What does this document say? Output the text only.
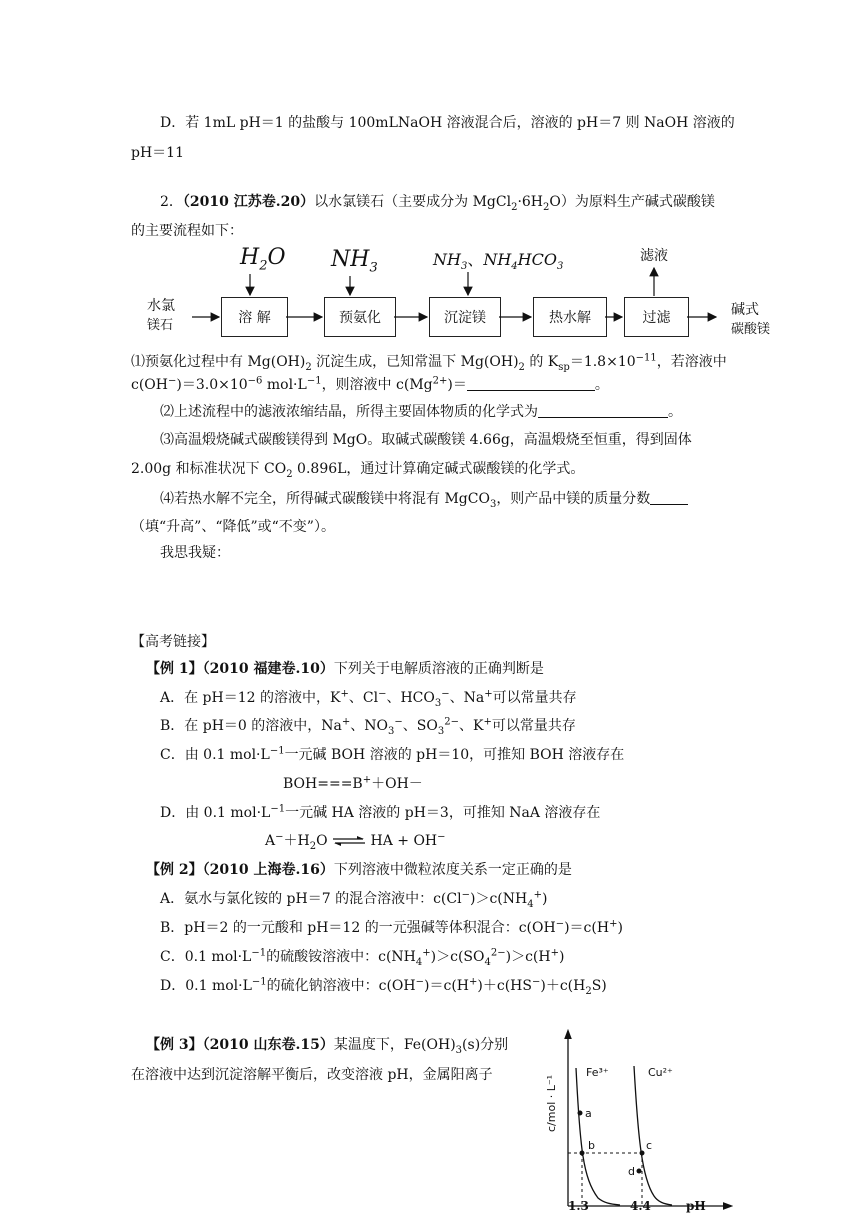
D．若 1mL pH＝1 的盐酸与 100mLNaOH 溶液混合后，溶液的 pH＝7 则 NaOH 溶液的
pH＝11
2．（2010 江苏卷.20）以水氯镁石（主要成分为 $MgCl_2\cdot 6H_2O$）为原料生产碱式碳酸镁
的主要流程如下：
$H_2O$ $NH_3$	$NH_3$、$NH_4HCO_3$
滤液
水氯
镁石
碱式
碳酸镁
溶 解	预氨化	沉淀镁	热水解	过滤
⑴预氨化过程中有 $Mg(OH)_2$ 沉淀生成，已知常温下 $Mg(OH)_2$ 的 $K_{sp}=1.8\times 10^{-11}$，若溶液中
$c(OH^-)=3.0\times 10^{-6}$ $mol\cdot L^{-1}$，则溶液中 $c(Mg^{2+})=$	。
⑵上述流程中的滤液浓缩结晶，所得主要固体物质的化学式为	。
⑶高温煅烧碱式碳酸镁得到 MgO。取碱式碳酸镁 4.66g，高温煅烧至恒重，得到固体
2.00g 和标准状况下 $CO_2$ 0.896L，通过计算确定碱式碳酸镁的化学式。
⑷若热水解不完全，所得碱式碳酸镁中将混有 MgCO$_3$，则产品中镁的质量分数
（填“升高”、“降低”或“不变”）。
我思我疑：
【高考链接】
【例 1】（2010 福建卷.10）下列关于电解质溶液的正确判断是
A．在 pH＝12 的溶液中，K+、Cl−、$HCO_3^-$、Na+可以常量共存
B．在 pH＝0 的溶液中，Na+、$NO_3^-$、$SO_3^{2-}$、K+可以常量共存
C．由 0.1 $mol\cdot L^{-1}$一元碱 BOH 溶液的 pH＝10，可推知 BOH 溶液存在
BOH===B+＋OH－
D．由 0.1 $mol\cdot L^{-1}$一元碱 HA 溶液的 pH＝3，可推知 NaA 溶液存在
$A^-+H_2O$ ⇌ HA + OH−
【例 2】（2010 上海卷.16）下列溶液中微粒浓度关系一定正确的是
A．氨水与氯化铵的 pH＝7 的混合溶液中：$c(Cl^-)>c(NH_4^+)$
B．pH＝2 的一元酸和 pH＝12 的一元强碱等体积混合：c(OH−)＝c(H+)
C．0.1 $mol\cdot L^{-1}$的硫酸铵溶液中：$c(NH_4^+)>c(SO_4^{2-})>c(H^+)$
D．0.1 $mol\cdot L^{-1}$的硫化钠溶液中：$c(OH^-)=c(H^+)+c(HS^-)+c(H_2S)$
【例 3】（2010 山东卷.15）某温度下，$Fe(OH)_3(s)$分别
在溶液中达到沉淀溶解平衡后，改变溶液 pH，金属阳离子	c/mol · L⁻¹
Fe³⁺	Cu²⁺
a
b	c
d
1.3	4.4	pH
